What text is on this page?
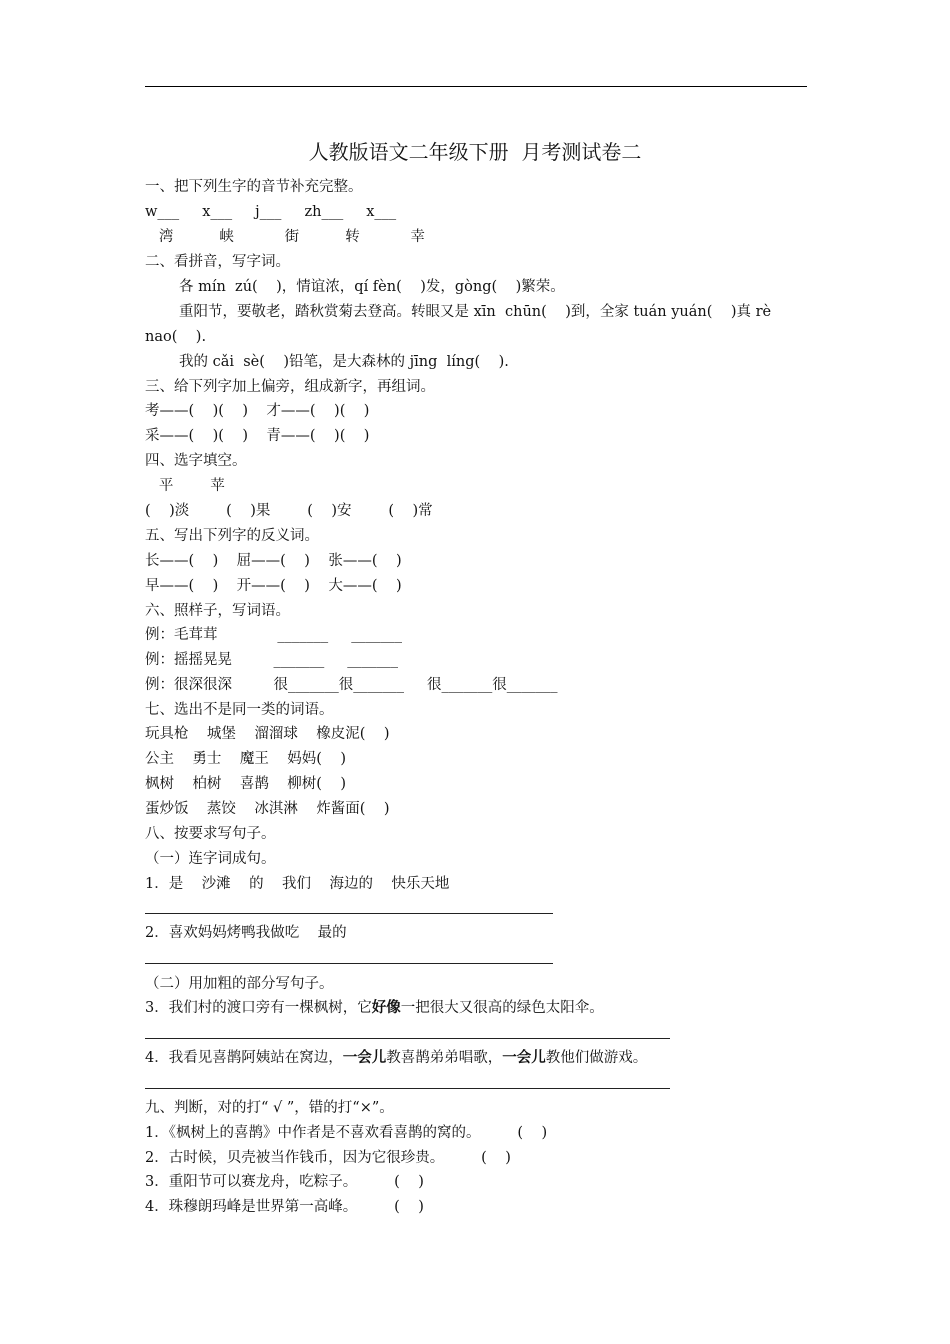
人教版语文二年级下册  月考测试卷二
一、把下列生字的音节补充完整。
w___     x___     j___     zh___     x___
湾          峡           街          转           幸
二、看拼音，写字词。
各 mín  zú(    )，情谊浓，qí fèn(    )发，gòng(    )繁荣。
重阳节，要敬老，踏秋赏菊去登高。转眼又是 xīn  chūn(    )到，全家 tuán yuán(    )真 rè
nao(    ).
我的 cǎi  sè(    )铅笔，是大森林的 jīng  líng(    ).
三、给下列字加上偏旁，组成新字，再组词。
考——(    )(    )    才——(    )(    )
采——(    )(    )    青——(    )(    )
四、选字填空。
平        苹
(    )淡        (    )果        (    )安        (    )常
五、写出下列字的反义词。
长——(    )    屈——(    )    张——(    )
早——(    )    开——(    )    大——(    )
六、照样子，写词语。
例：毛茸茸             _______     _______
例：摇摇晃晃         _______     _______
例：很深很深         很_______很_______     很_______很_______
七、选出不是同一类的词语。
玩具枪    城堡    溜溜球    橡皮泥(    )
公主    勇士    魔王    妈妈(    )
枫树    柏树    喜鹊    柳树(    )
蛋炒饭    蒸饺    冰淇淋    炸酱面(    )
八、按要求写句子。
（一）连字词成句。
1．是    沙滩    的    我们    海边的    快乐天地
2．喜欢妈妈烤鸭我做吃    最的
（二）用加粗的部分写句子。
3．我们村的渡口旁有一棵枫树，它好像一把很大又很高的绿色太阳伞。
4．我看见喜鹊阿姨站在窝边，一会儿教喜鹊弟弟唱歌，一会儿教他们做游戏。
九、判断，对的打“ √ ”，错的打“×”。
1．《枫树上的喜鹊》中作者是不喜欢看喜鹊的窝的。        (    )
2．古时候，贝壳被当作钱币，因为它很珍贵。        (    )
3．重阳节可以赛龙舟，吃粽子。        (    )
4．珠穆朗玛峰是世界第一高峰。        (    )
